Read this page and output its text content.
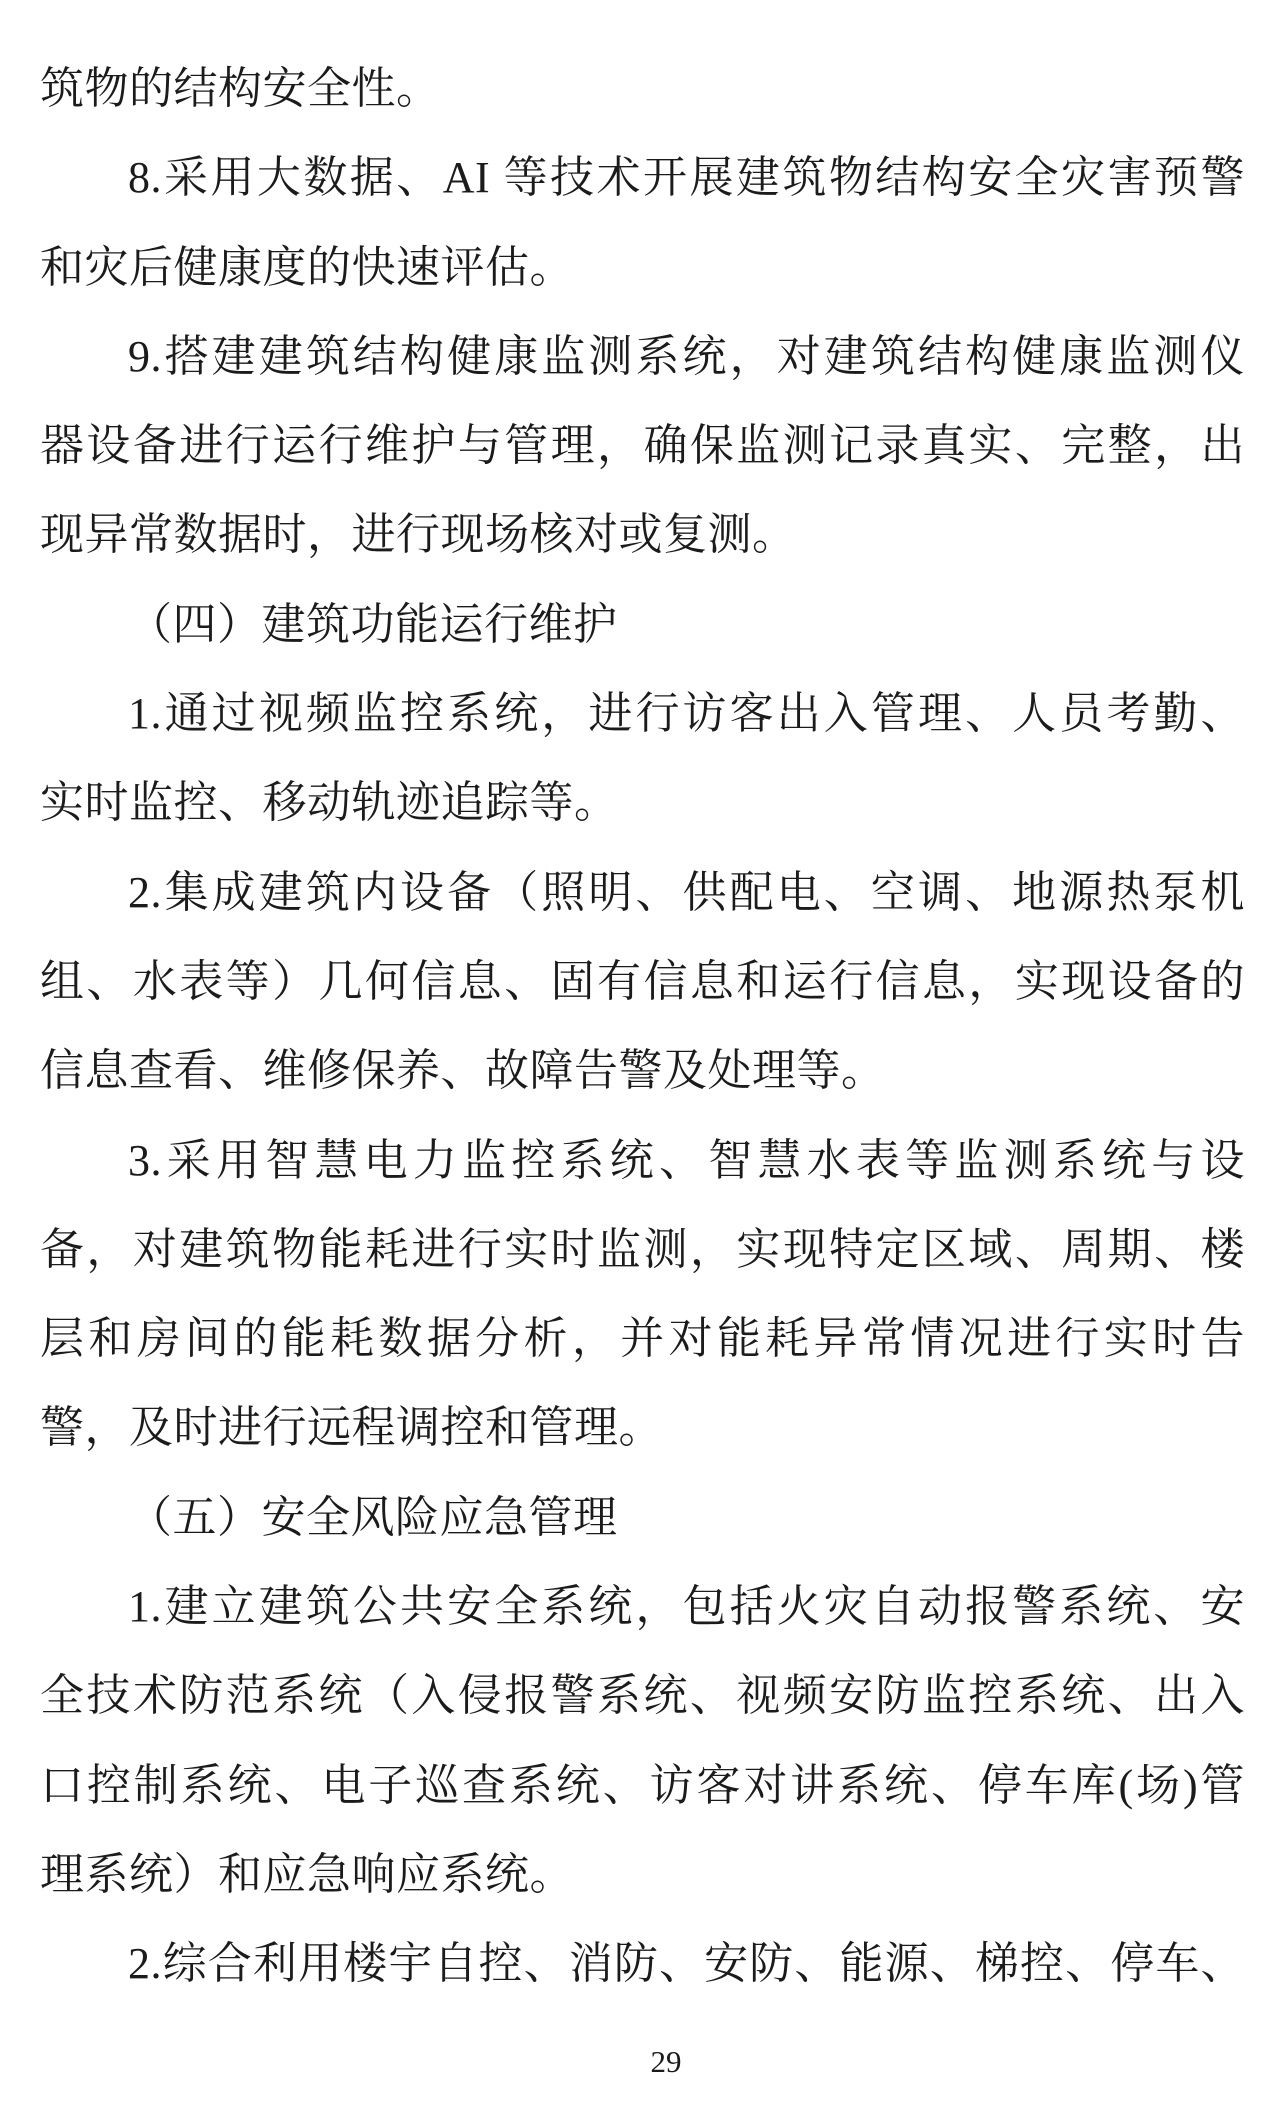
筑物的结构安全性。
8.采用大数据、AI 等技术开展建筑物结构安全灾害预警
和灾后健康度的快速评估。
9.搭建建筑结构健康监测系统，对建筑结构健康监测仪
器设备进行运行维护与管理，确保监测记录真实、完整，出
现异常数据时，进行现场核对或复测。
（四）建筑功能运行维护
1.通过视频监控系统，进行访客出入管理、人员考勤、
实时监控、移动轨迹追踪等。
2.集成建筑内设备（照明、供配电、空调、地源热泵机
组、水表等）几何信息、固有信息和运行信息，实现设备的
信息查看、维修保养、故障告警及处理等。
3.采用智慧电力监控系统、智慧水表等监测系统与设
备，对建筑物能耗进行实时监测，实现特定区域、周期、楼
层和房间的能耗数据分析，并对能耗异常情况进行实时告
警，及时进行远程调控和管理。
（五）安全风险应急管理
1.建立建筑公共安全系统，包括火灾自动报警系统、安
全技术防范系统（入侵报警系统、视频安防监控系统、出入
口控制系统、电子巡查系统、访客对讲系统、停车库(场)管
理系统）和应急响应系统。
2.综合利用楼宇自控、消防、安防、能源、梯控、停车、
29
